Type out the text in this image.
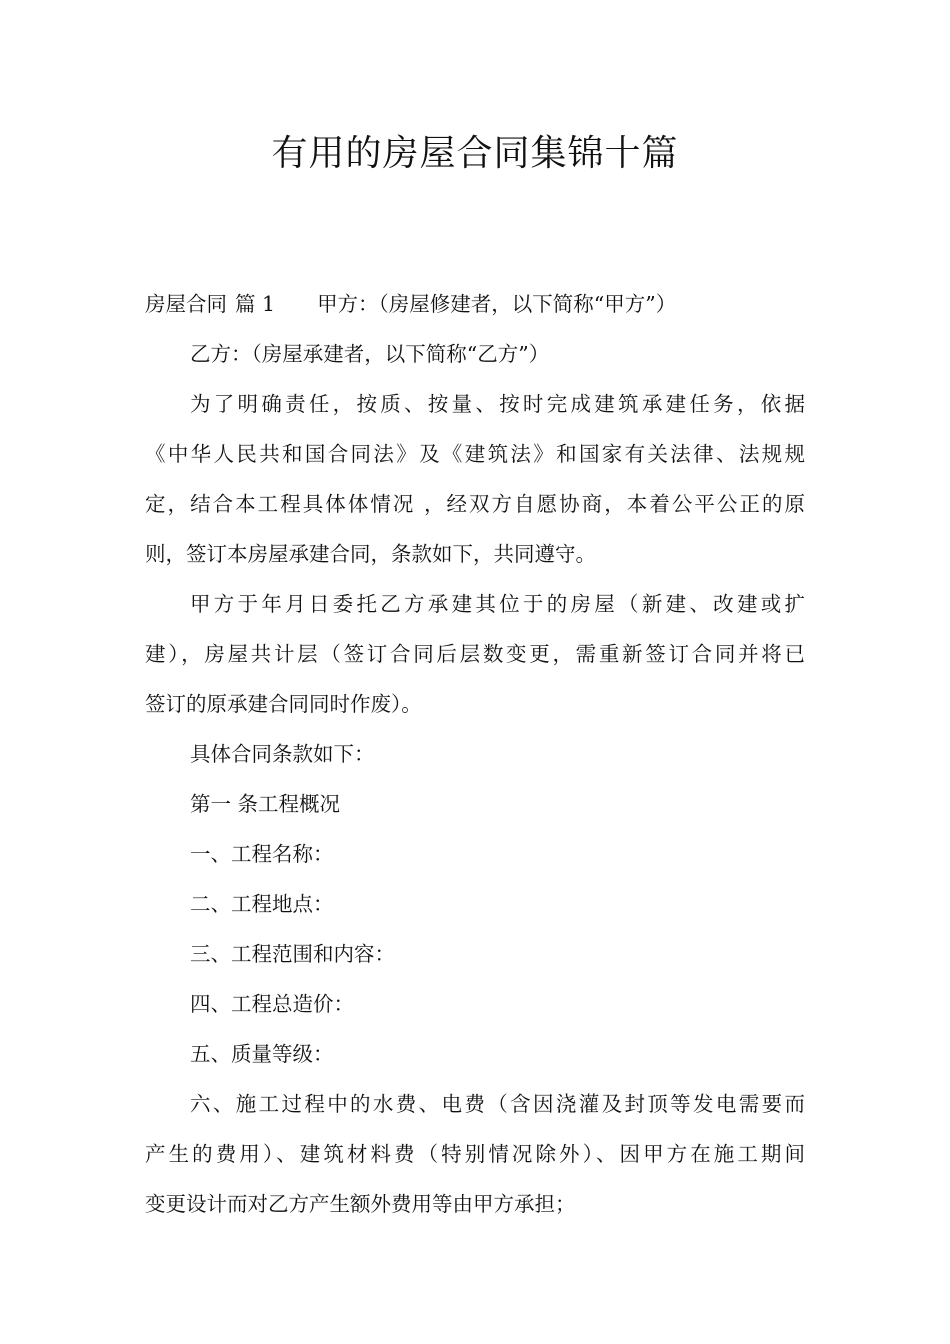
有用的房屋合同集锦十篇
房屋合同 篇 1 甲方：（房屋修建者，以下简称“甲方”）
乙方：（房屋承建者，以下简称“乙方”）
为了明确责任，按质、按量、按时完成建筑承建任务，依据
《中华人民共和国合同法》及《建筑法》和国家有关法律、法规规
定，结合本工程具体体情况 ，经双方自愿协商，本着公平公正的原
则，签订本房屋承建合同，条款如下，共同遵守。
甲方于年月日委托乙方承建其位于的房屋（新建、改建或扩
建），房屋共计层（签订合同后层数变更，需重新签订合同并将已
签订的原承建合同同时作废）。
具体合同条款如下：
第一 条工程概况
一、工程名称：
二、工程地点：
三、工程范围和内容：
四、工程总造价：
五、质量等级：
六、施工过程中的水费、电费（含因浇灌及封顶等发电需要而
产生的费用）、建筑材料费（特别情况除外）、因甲方在施工期间
变更设计而对乙方产生额外费用等由甲方承担；
